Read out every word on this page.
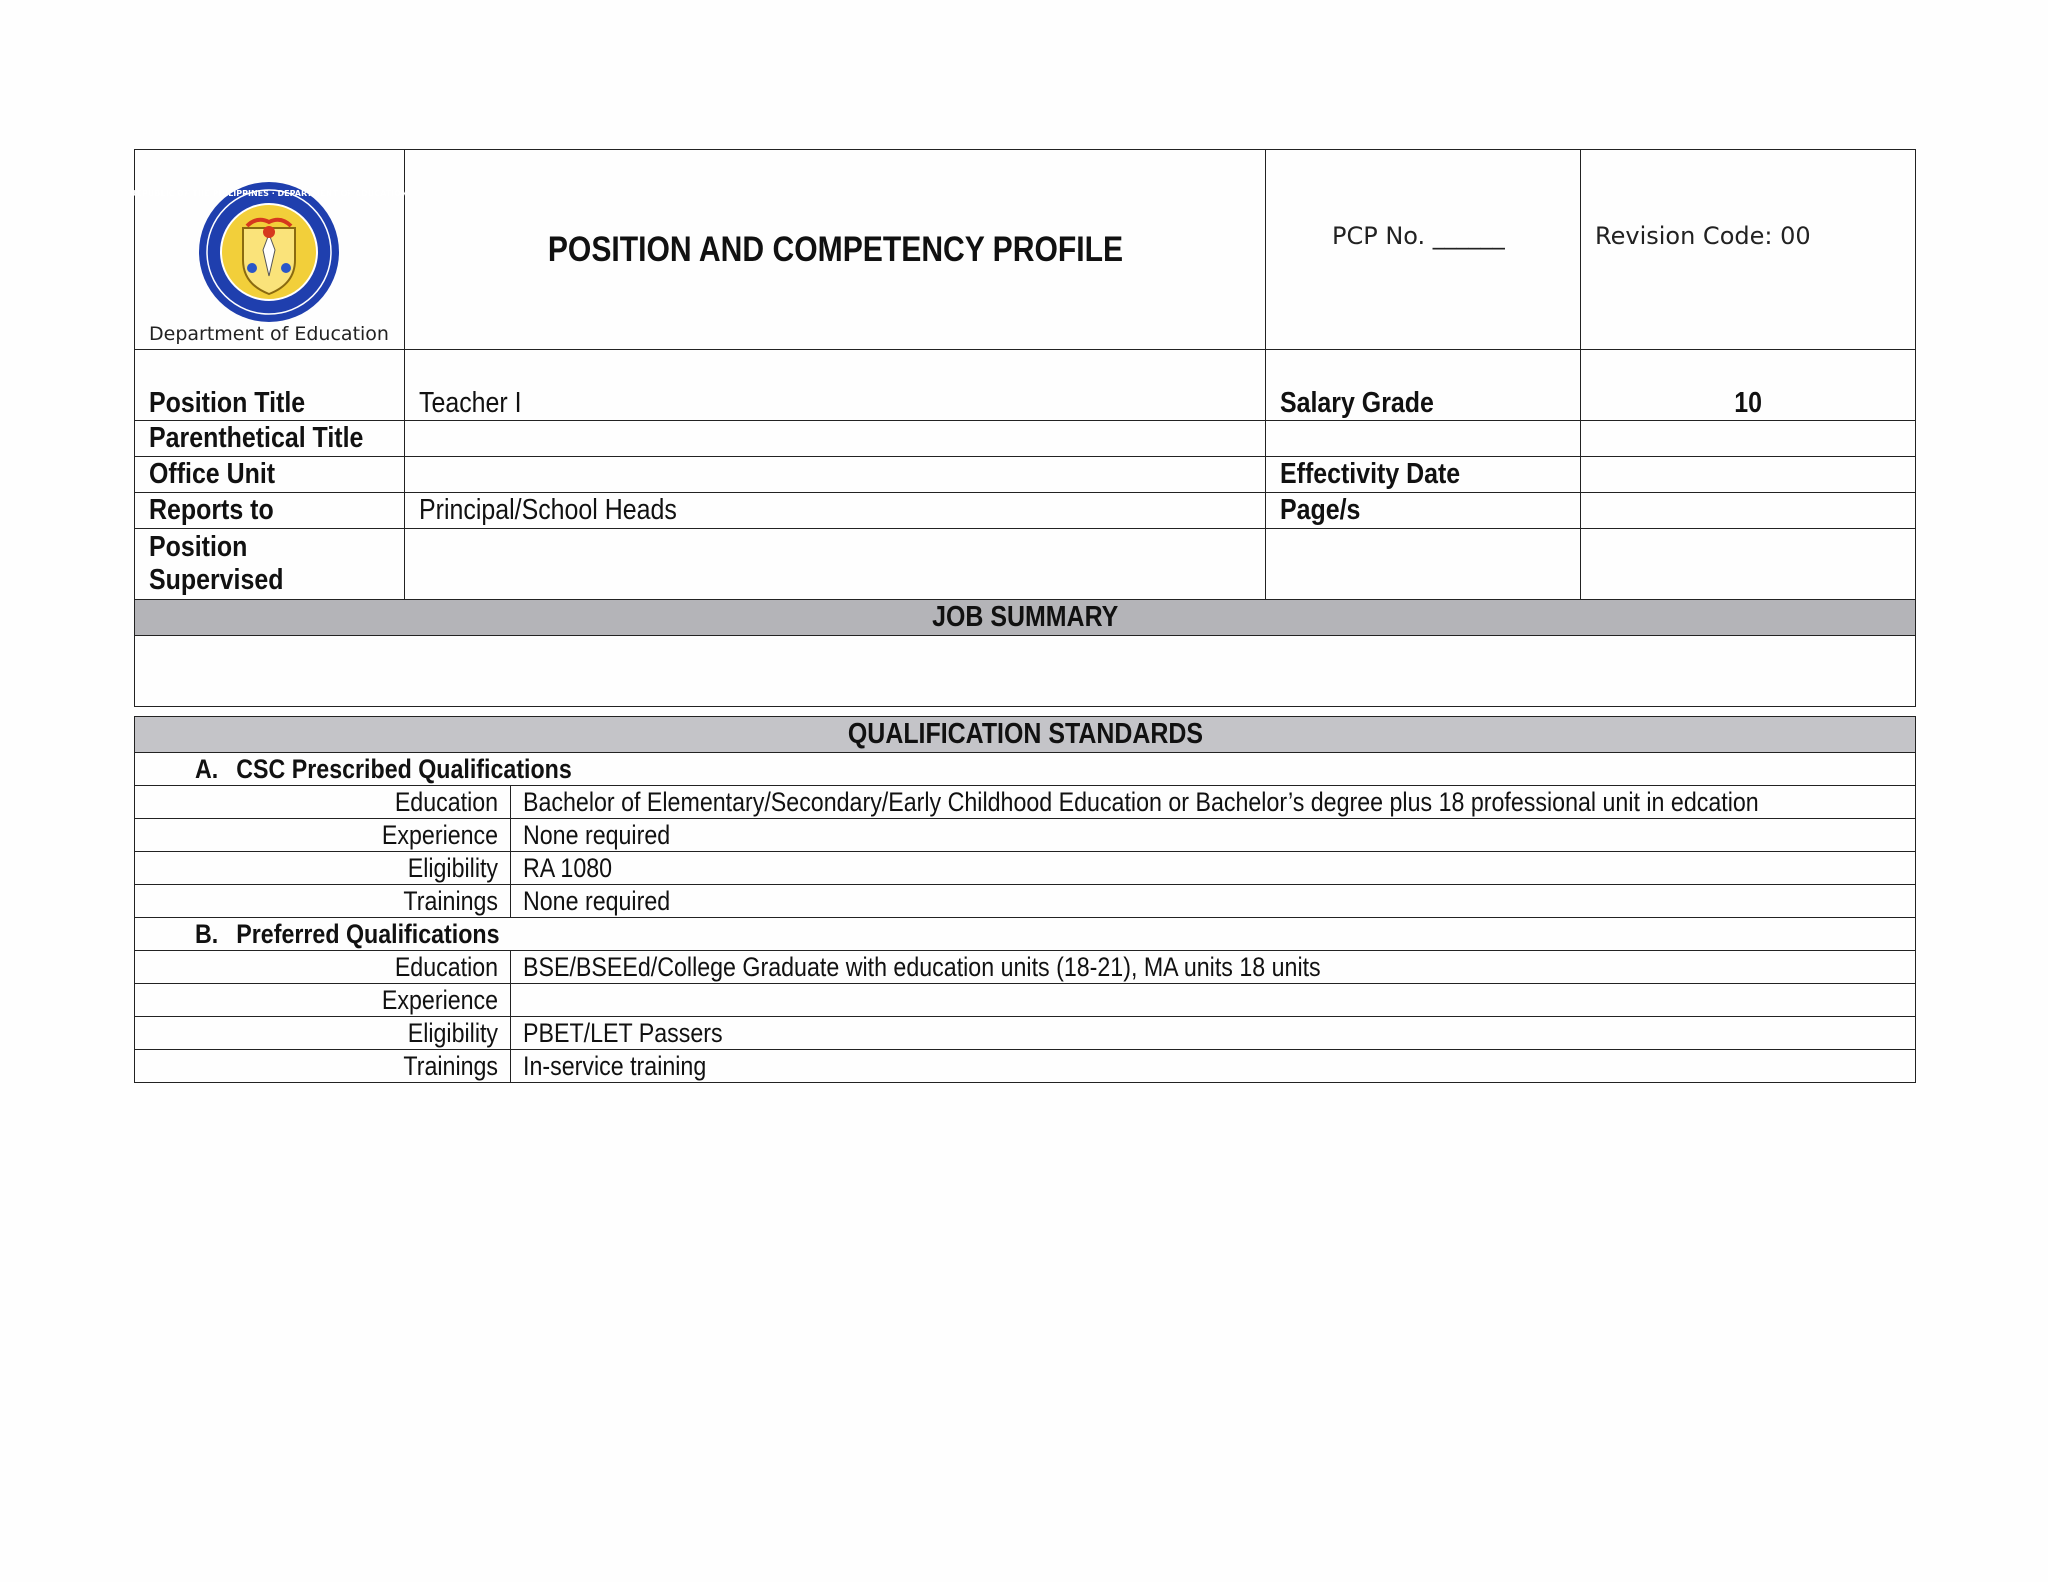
REPUBLIC OF THE PHILIPPINES · DEPARTMENT OF EDUCATION
Department of Education	POSITION AND COMPETENCY PROFILE	PCP No. ______	Revision Code: 00
Position Title	Teacher I	Salary Grade	10
Parenthetical Title			
Office Unit		Effectivity Date	
Reports to	Principal/School Heads	Page/s	
Position
Supervised			
JOB SUMMARY			

QUALIFICATION STANDARDS	
A. CSC Prescribed Qualifications	
Education	Bachelor of Elementary/Secondary/Early Childhood Education or Bachelor’s degree plus 18 professional unit in edcation
Experience	None required
Eligibility	RA 1080
Trainings	None required
B. Preferred Qualifications	
Education	BSE/BSEEd/College Graduate with education units (18-21), MA units 18 units
Experience	
Eligibility	PBET/LET Passers
Trainings	In-service training
